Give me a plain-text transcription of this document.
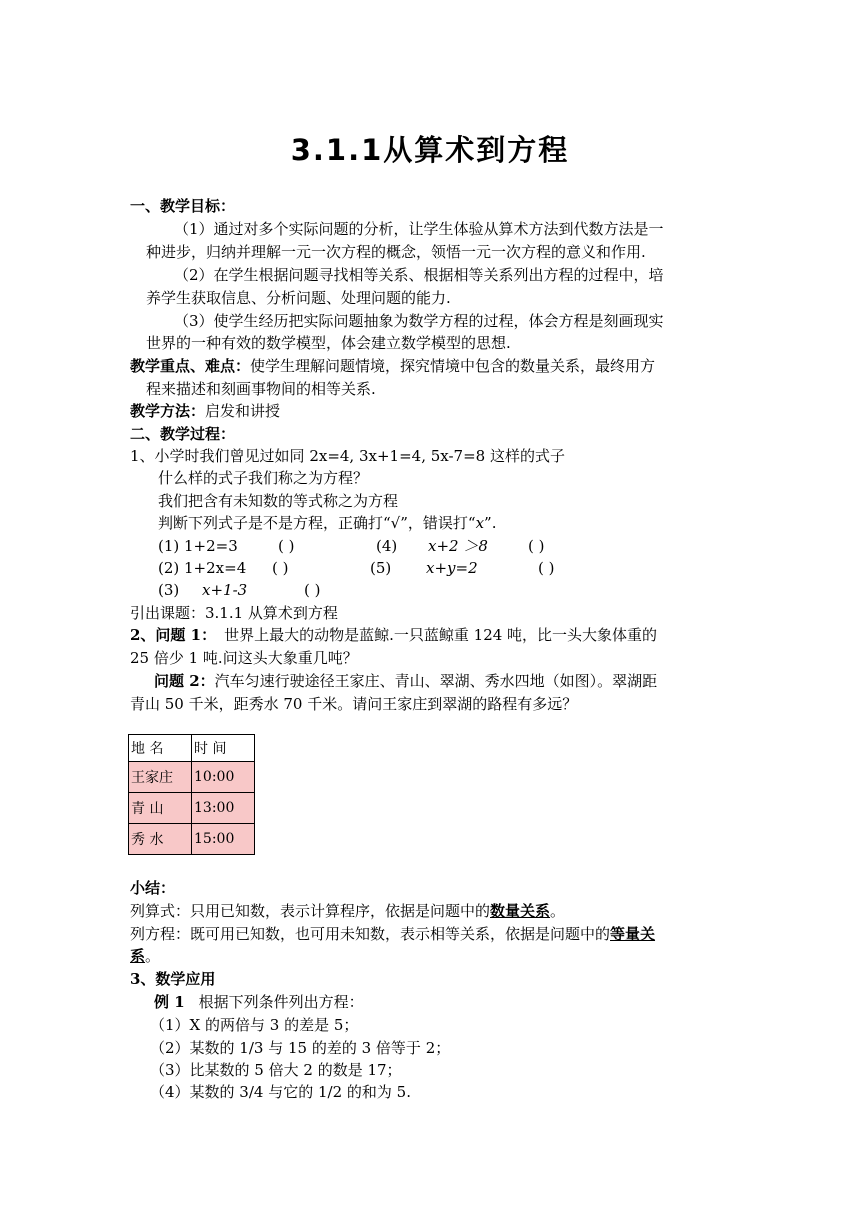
3.1.1从算术到方程
一、教学目标：
（1）通过对多个实际问题的分析，让学生体验从算术方法到代数方法是一
种进步，归纳并理解一元一次方程的概念，领悟一元一次方程的意义和作用.
（2）在学生根据问题寻找相等关系、根据相等关系列出方程的过程中，培
养学生获取信息、分析问题、处理问题的能力.
（3）使学生经历把实际问题抽象为数学方程的过程，体会方程是刻画现实
世界的一种有效的数学模型，体会建立数学模型的思想.
教学重点、难点：使学生理解问题情境，探究情境中包含的数量关系，最终用方
程来描述和刻画事物间的相等关系.
教学方法：启发和讲授
二、教学过程：
1、小学时我们曾见过如同 2x=4, 3x+1=4, 5x-7=8 这样的式子
什么样的式子我们称之为方程？
我们把含有未知数的等式称之为方程
判断下列式子是不是方程，正确打“√”，错误打“x”.
(1) 1+2=3	( )	(4) x+2 ＞8	( )
(2) 1+2x=4 ( )	(5) x+y=2	( )
(3) x+1-3	( )
引出课题：3.1.1 从算术到方程
2、问题 1： 世界上最大的动物是蓝鲸.一只蓝鲸重 124 吨，比一头大象体重的
25 倍少 1 吨.问这头大象重几吨？
问题 2：汽车匀速行驶途径王家庄、青山、翠湖、秀水四地（如图）。翠湖距
青山 50 千米，距秀水 70 千米。请问王家庄到翠湖的路程有多远？
地 名	时 间
王家庄	10:00
青 山	13:00
秀 水	15:00
小结：
列算式：只用已知数，表示计算程序，依据是问题中的数量关系。
列方程：既可用已知数，也可用未知数，表示相等关系，依据是问题中的等量关
系。
3、数学应用
例 1 根据下列条件列出方程：
（1）X 的两倍与 3 的差是 5；
（2）某数的 1/3 与 15 的差的 3 倍等于 2；
（3）比某数的 5 倍大 2 的数是 17；
（4）某数的 3/4 与它的 1/2 的和为 5.
